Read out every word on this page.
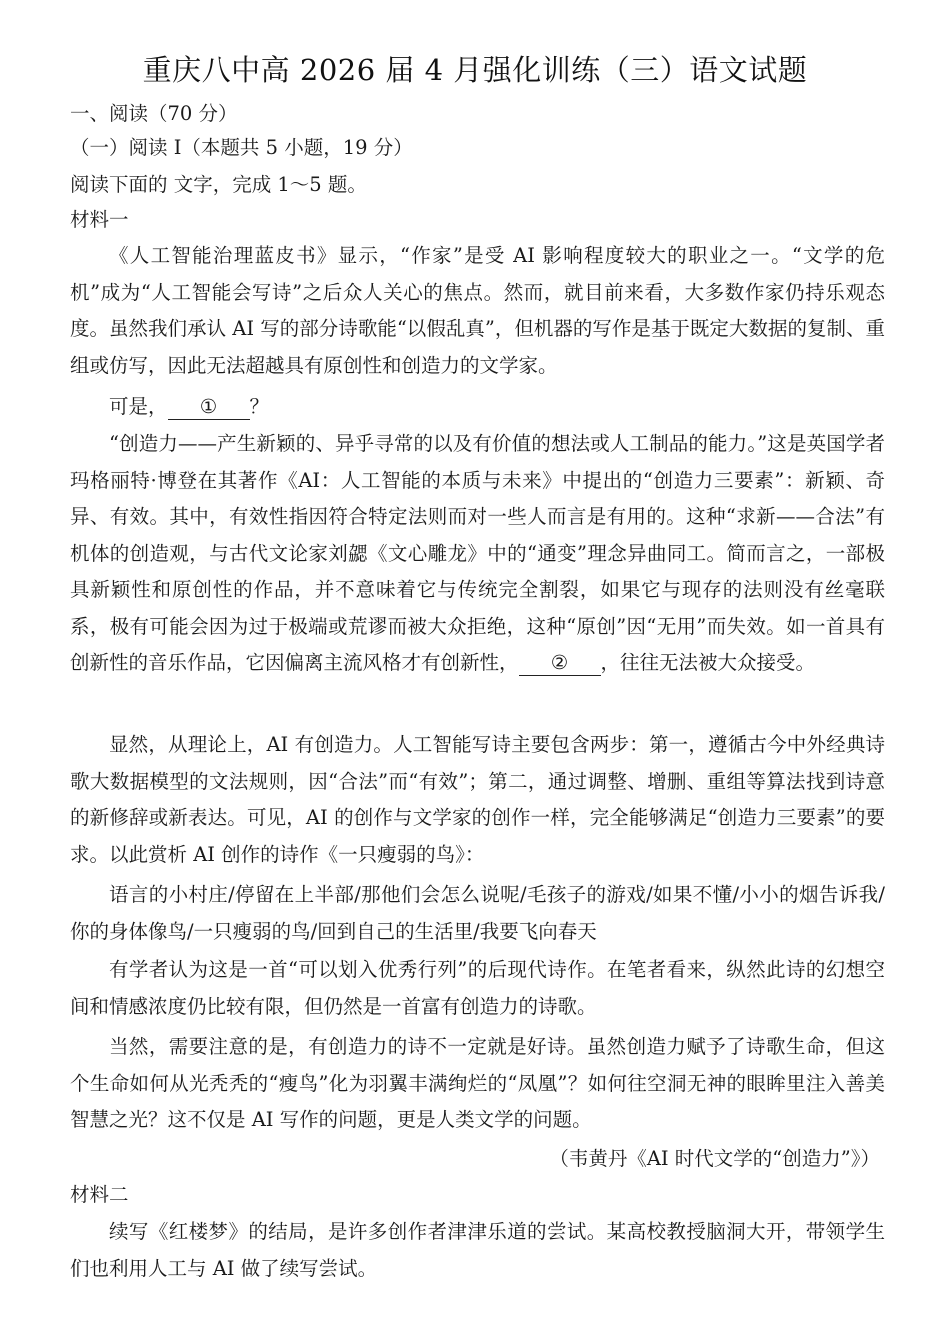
重庆八中高 2026 届 4 月强化训练（三）语文试题
一、阅读（70 分）
（一）阅读 I（本题共 5 小题，19 分）
阅读下面的 文字，完成 1～5 题。
材料一
《人工智能治理蓝皮书》显示，“作家”是受 AI 影响程度较大的职业之一。“文学的危机”成为“人工智能会写诗”之后众人关心的焦点。然而，就目前来看，大多数作家仍持乐观态度。虽然我们承认 AI 写的部分诗歌能“以假乱真”，但机器的写作是基于既定大数据的复制、重组或仿写，因此无法超越具有原创性和创造力的文学家。
可是， ① ？
“创造力——产生新颖的、异乎寻常的以及有价值的想法或人工制品的能力。”这是英国学者玛格丽特·博登在其著作《AI：人工智能的本质与未来》中提出的“创造力三要素”：新颖、奇异、有效。其中，有效性指因符合特定法则而对一些人而言是有用的。这种“求新——合法”有机体的创造观，与古代文论家刘勰《文心雕龙》中的“通变”理念异曲同工。简而言之，一部极具新颖性和原创性的作品，并不意味着它与传统完全割裂，如果它与现存的法则没有丝毫联系，极有可能会因为过于极端或荒谬而被大众拒绝，这种“原创”因“无用”而失效。如一首具有创新性的音乐作品，它因偏离主流风格才有创新性， ② ，往往无法被大众接受。
显然，从理论上，AI 有创造力。人工智能写诗主要包含两步：第一，遵循古今中外经典诗歌大数据模型的文法规则，因“合法”而“有效”；第二，通过调整、增删、重组等算法找到诗意的新修辞或新表达。可见，AI 的创作与文学家的创作一样，完全能够满足“创造力三要素”的要求。以此赏析 AI 创作的诗作《一只瘦弱的鸟》：
语言的小村庄/停留在上半部/那他们会怎么说呢/毛孩子的游戏/如果不懂/小小的烟告诉我/你的身体像鸟/一只瘦弱的鸟/回到自己的生活里/我要飞向春天
有学者认为这是一首“可以划入优秀行列”的后现代诗作。在笔者看来，纵然此诗的幻想空间和情感浓度仍比较有限，但仍然是一首富有创造力的诗歌。
当然，需要注意的是，有创造力的诗不一定就是好诗。虽然创造力赋予了诗歌生命，但这个生命如何从光秃秃的“瘦鸟”化为羽翼丰满绚烂的“凤凰”？如何往空洞无神的眼眸里注入善美智慧之光？这不仅是 AI 写作的问题，更是人类文学的问题。
（韦黄丹《AI 时代文学的“创造力”》）
材料二
续写《红楼梦》的结局，是许多创作者津津乐道的尝试。某高校教授脑洞大开，带领学生们也利用人工与 AI 做了续写尝试。
